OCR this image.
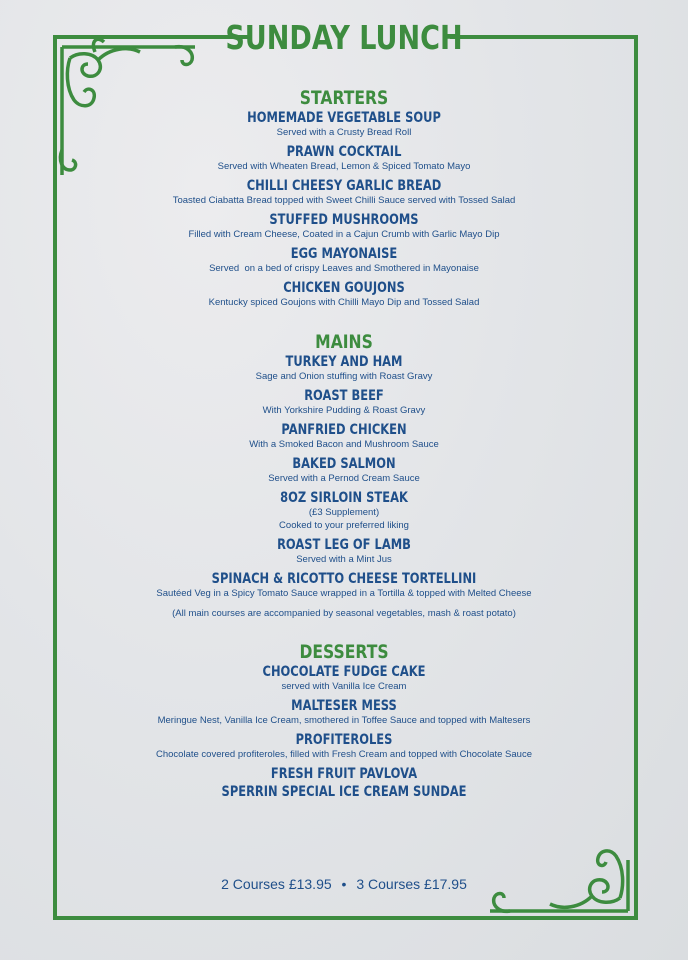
SUNDAY LUNCH
STARTERS
HOMEMADE VEGETABLE SOUP
Served with a Crusty Bread Roll
PRAWN COCKTAIL
Served with Wheaten Bread, Lemon & Spiced Tomato Mayo
CHILLI CHEESY GARLIC BREAD
Toasted Ciabatta Bread topped with Sweet Chilli Sauce served with Tossed Salad
STUFFED MUSHROOMS
Filled with Cream Cheese, Coated in a Cajun Crumb with Garlic Mayo Dip
EGG MAYONAISE
Served  on a bed of crispy Leaves and Smothered in Mayonaise
CHICKEN GOUJONS
Kentucky spiced Goujons with Chilli Mayo Dip and Tossed Salad
MAINS
TURKEY AND HAM
Sage and Onion stuffing with Roast Gravy
ROAST BEEF
With Yorkshire Pudding & Roast Gravy
PANFRIED CHICKEN
With a Smoked Bacon and Mushroom Sauce
BAKED SALMON
Served with a Pernod Cream Sauce
8OZ SIRLOIN STEAK
(£3 Supplement)
Cooked to your preferred liking
ROAST LEG OF LAMB
Served with a Mint Jus
SPINACH & RICOTTO CHEESE TORTELLINI
Sautéed Veg in a Spicy Tomato Sauce wrapped in a Tortilla & topped with Melted Cheese
(All main courses are accompanied by seasonal vegetables, mash & roast potato)
DESSERTS
CHOCOLATE FUDGE CAKE
served with Vanilla Ice Cream
MALTESER MESS
Meringue Nest, Vanilla Ice Cream, smothered in Toffee Sauce and topped with Maltesers
PROFITEROLES
Chocolate covered profiteroles, filled with Fresh Cream and topped with Chocolate Sauce
FRESH FRUIT PAVLOVA
SPERRIN SPECIAL ICE CREAM SUNDAE
2 Courses £13.95 • 3 Courses £17.95
